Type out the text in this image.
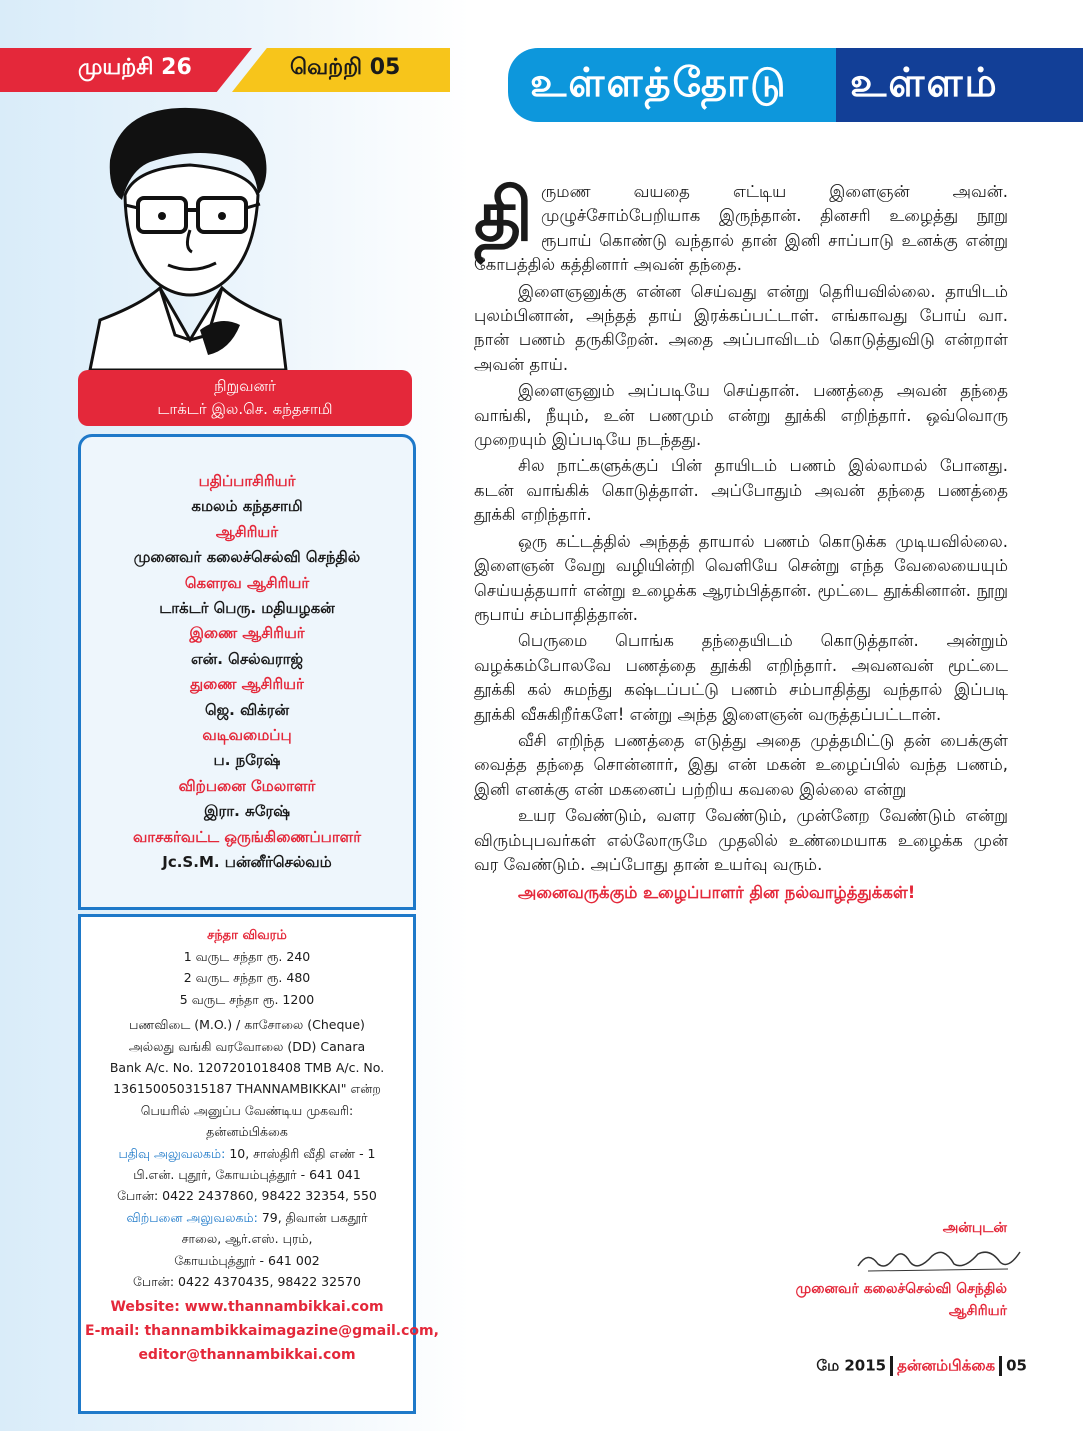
முயற்சி 26	வெற்றி 05	உள்ளத்தோடு உள்ளம்
நிறுவனர்
டாக்டர் இல.செ. கந்தசாமி
பதிப்பாசிரியர்
கமலம் கந்தசாமி
ஆசிரியர்
முனைவர் கலைச்செல்வி செந்தில்
கௌரவ ஆசிரியர்
டாக்டர் பெரு. மதியழகன்
இணை ஆசிரியர்
என். செல்வராஜ்
துணை ஆசிரியர்
ஜெ. விக்ரன்
வடிவமைப்பு
ப. நரேஷ்
விற்பனை மேலாளர்
இரா. சுரேஷ்
வாசகர்வட்ட ஒருங்கிணைப்பாளர்
Jc.S.M. பன்னீர்செல்வம்
சந்தா விவரம்
1 வருட சந்தா ரூ. 240
2 வருட சந்தா ரூ. 480
5 வருட சந்தா ரூ. 1200
பணவிடை (M.O.) / காசோலை (Cheque)
அல்லது வங்கி வரவோலை (DD) Canara
Bank A/c. No. 1207201018408 TMB A/c. No.
136150050315187 THANNAMBIKKAI" என்ற
பெயரில் அனுப்ப வேண்டிய முகவரி:
தன்னம்பிக்கை
பதிவு அலுவலகம்: 10, சாஸ்திரி வீதி எண் - 1
பி.என். புதூர், கோயம்புத்தூர் - 641 041
போன்: 0422 2437860, 98422 32354, 550
விற்பனை அலுவலகம்: 79, திவான் பகதூர்
சாலை, ஆர்.எஸ். புரம்,
கோயம்புத்தூர் - 641 002
போன்: 0422 4370435, 98422 32570
Website: www.thannambikkai.com
E-mail: thannambikkaimagazine@gmail.com,
editor@thannambikkai.com

திருமண வயதை எட்டிய இளைஞன் அவன். முழுச்சோம்பேறியாக இருந்தான். தினசரி உழைத்து நூறு ரூபாய் கொண்டு வந்தால் தான் இனி சாப்பாடு உனக்கு என்று கோபத்தில் கத்தினார் அவன் தந்தை.

இளைஞனுக்கு என்ன செய்வது என்று தெரியவில்லை. தாயிடம் புலம்பினான், அந்தத் தாய் இரக்கப்பட்டாள். எங்காவது போய் வா. நான் பணம் தருகிறேன். அதை அப்பாவிடம் கொடுத்துவிடு என்றாள் அவன் தாய்.

இளைஞனும் அப்படியே செய்தான். பணத்தை அவன் தந்தை வாங்கி, நீயும், உன் பணமும் என்று தூக்கி எறிந்தார். ஒவ்வொரு முறையும் இப்படியே நடந்தது.

சில நாட்களுக்குப் பின் தாயிடம் பணம் இல்லாமல் போனது. கடன் வாங்கிக் கொடுத்தாள். அப்போதும் அவன் தந்தை பணத்தை தூக்கி எறிந்தார்.

ஒரு கட்டத்தில் அந்தத் தாயால் பணம் கொடுக்க முடியவில்லை. இளைஞன் வேறு வழியின்றி வெளியே சென்று எந்த வேலையையும் செய்யத்தயார் என்று உழைக்க ஆரம்பித்தான். மூட்டை தூக்கினான். நூறு ரூபாய் சம்பாதித்தான்.

பெருமை பொங்க தந்தையிடம் கொடுத்தான். அன்றும் வழக்கம்போலவே பணத்தை தூக்கி எறிந்தார். அவனவன் மூட்டை தூக்கி கல் சுமந்து கஷ்டப்பட்டு பணம் சம்பாதித்து வந்தால் இப்படி தூக்கி வீசுகிறீர்களே! என்று அந்த இளைஞன் வருத்தப்பட்டான்.

வீசி எறிந்த பணத்தை எடுத்து அதை முத்தமிட்டு தன் பைக்குள் வைத்த தந்தை சொன்னார், இது என் மகன் உழைப்பில் வந்த பணம், இனி எனக்கு என் மகனைப் பற்றிய கவலை இல்லை என்று

உயர வேண்டும், வளர வேண்டும், முன்னேற வேண்டும் என்று விரும்புபவர்கள் எல்லோருமே முதலில் உண்மையாக உழைக்க முன் வர வேண்டும். அப்போது தான் உயர்வு வரும்.

அனைவருக்கும் உழைப்பாளர் தின நல்வாழ்த்துக்கள்!

அன்புடன்
முனைவர் கலைச்செல்வி செந்தில்
ஆசிரியர்
மே 2015 தன்னம்பிக்கை 05
